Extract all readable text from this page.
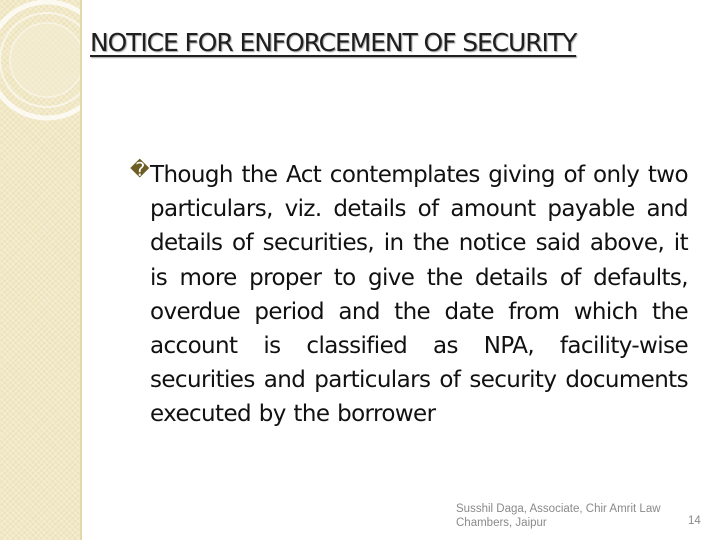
NOTICE FOR ENFORCEMENT OF SECURITY
� Though the Act contemplates giving of only two particulars, viz. details of amount payable and details of securities, in the notice said above, it is more proper to give the details of defaults, overdue period and the date from which the account is classified as NPA, facility-wise securities and particulars of security documents executed by the borrower

Susshil Daga, Associate, Chir Amrit Law Chambers, Jaipur	14
